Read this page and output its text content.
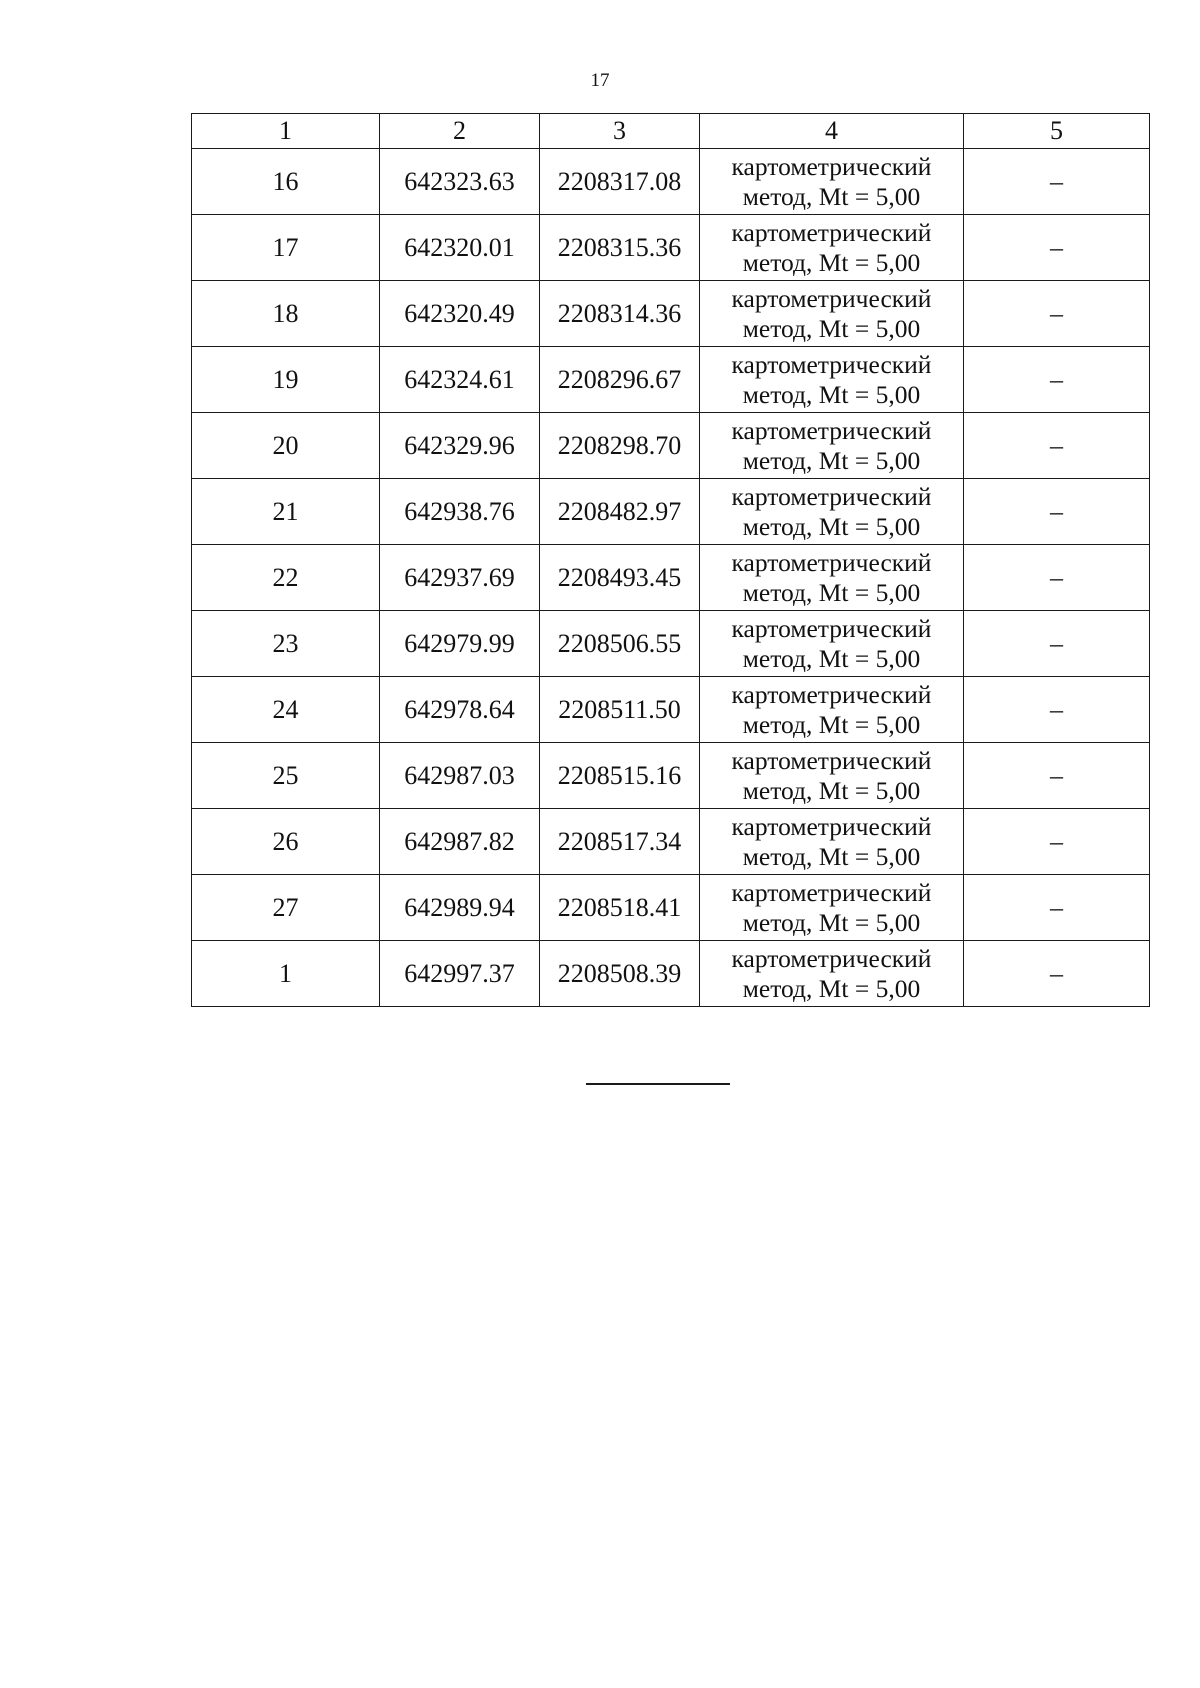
17
1	2	3	4	5
16	642323.63	2208317.08	картометрический
метод, Mt = 5,00	–
17	642320.01	2208315.36	картометрический
метод, Mt = 5,00	–
18	642320.49	2208314.36	картометрический
метод, Mt = 5,00	–
19	642324.61	2208296.67	картометрический
метод, Mt = 5,00	–
20	642329.96	2208298.70	картометрический
метод, Mt = 5,00	–
21	642938.76	2208482.97	картометрический
метод, Mt = 5,00	–
22	642937.69	2208493.45	картометрический
метод, Mt = 5,00	–
23	642979.99	2208506.55	картометрический
метод, Mt = 5,00	–
24	642978.64	2208511.50	картометрический
метод, Mt = 5,00	–
25	642987.03	2208515.16	картометрический
метод, Mt = 5,00	–
26	642987.82	2208517.34	картометрический
метод, Mt = 5,00	–
27	642989.94	2208518.41	картометрический
метод, Mt = 5,00	–
1	642997.37	2208508.39	картометрический
метод, Mt = 5,00	–
